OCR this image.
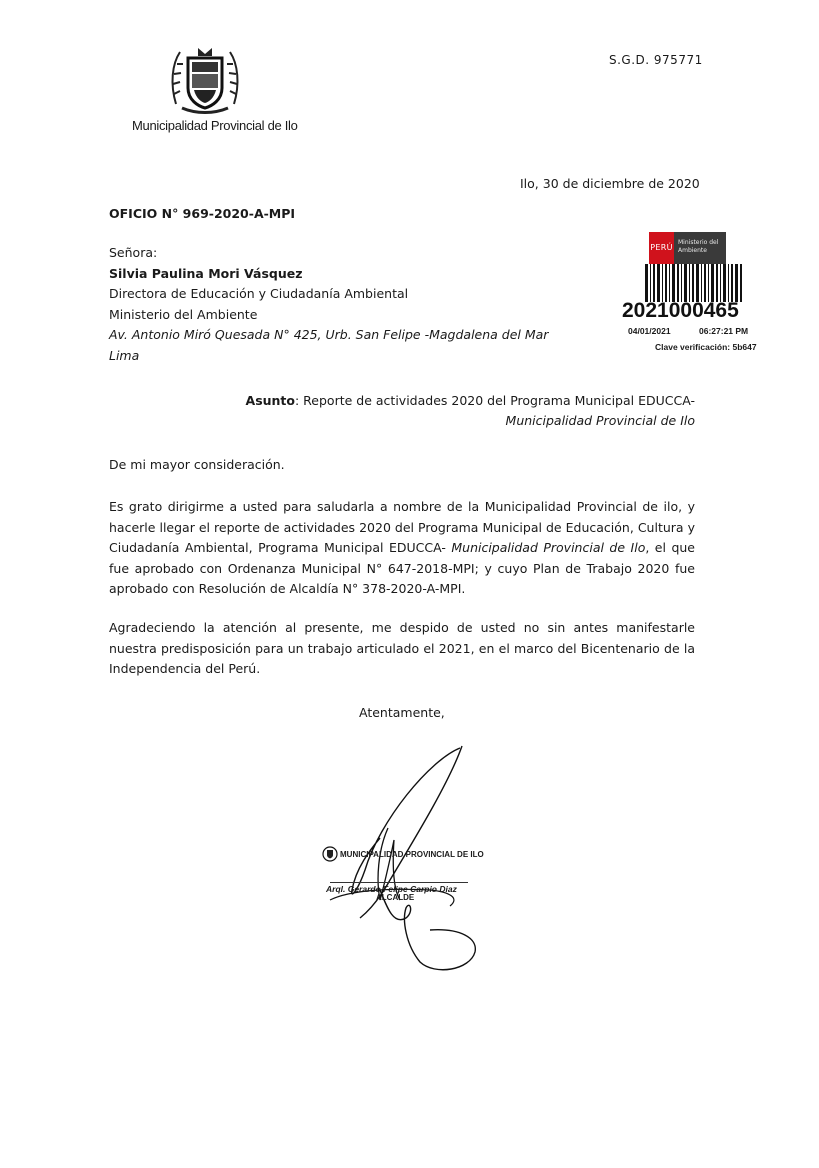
Municipalidad Provincial de Ilo
S.G.D. 975771
Ilo, 30 de diciembre de 2020
OFICIO N° 969-2020-A-MPI
Señora:
Silvia Paulina Mori Vásquez
Directora de Educación y Ciudadanía Ambiental
Ministerio del Ambiente
Av. Antonio Miró Quesada N° 425, Urb. San Felipe -Magdalena del Mar
Lima
PERÚ
Ministerio del Ambiente
2021000465
04/01/2021	06:27:21 PM
Clave verificación: 5b647
Asunto: Reporte de actividades 2020 del Programa Municipal EDUCCA-Municipalidad Provincial de Ilo
De mi mayor consideración.
Es grato dirigirme a usted para saludarla a nombre de la Municipalidad Provincial de ilo, y hacerle llegar el reporte de actividades 2020 del Programa Municipal de Educación, Cultura y Ciudadanía Ambiental, Programa Municipal EDUCCA- Municipalidad Provincial de Ilo, el que fue aprobado con Ordenanza Municipal N° 647-2018-MPI; y cuyo Plan de Trabajo 2020 fue aprobado con Resolución de Alcaldía N° 378-2020-A-MPI.
Agradeciendo la atención al presente, me despido de usted no sin antes manifestarle nuestra predisposición para un trabajo articulado el 2021, en el marco del Bicentenario de la Independencia del Perú.
Atentamente,
MUNICIPALIDAD PROVINCIAL DE ILO
Arql. Gerardo Felipe Carpio Diaz
ALCALDE
